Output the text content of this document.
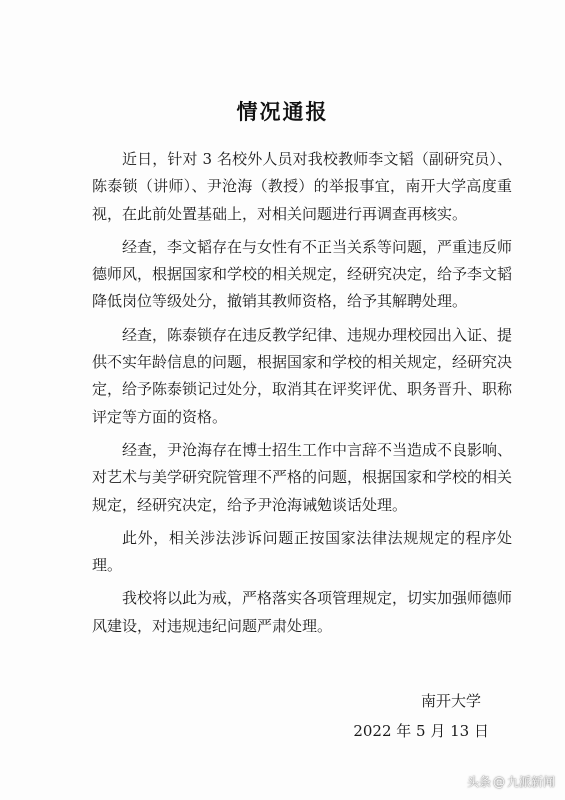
情况通报

近日，针对 3 名校外人员对我校教师李文韬（副研究员）、陈泰锁（讲师）、尹沧海（教授）的举报事宜，南开大学高度重视，在此前处置基础上，对相关问题进行再调查再核实。

经查，李文韬存在与女性有不正当关系等问题，严重违反师德师风，根据国家和学校的相关规定，经研究决定，给予李文韬降低岗位等级处分，撤销其教师资格，给予其解聘处理。

经查，陈泰锁存在违反教学纪律、违规办理校园出入证、提供不实年龄信息的问题，根据国家和学校的相关规定，经研究决定，给予陈泰锁记过处分，取消其在评奖评优、职务晋升、职称评定等方面的资格。

经查，尹沧海存在博士招生工作中言辞不当造成不良影响、对艺术与美学研究院管理不严格的问题，根据国家和学校的相关规定，经研究决定，给予尹沧海诫勉谈话处理。

此外，相关涉法涉诉问题正按国家法律法规规定的程序处理。

我校将以此为戒，严格落实各项管理规定，切实加强师德师风建设，对违规违纪问题严肃处理。

南开大学
2022 年 5 月 13 日
头条 @ 九派新闻
